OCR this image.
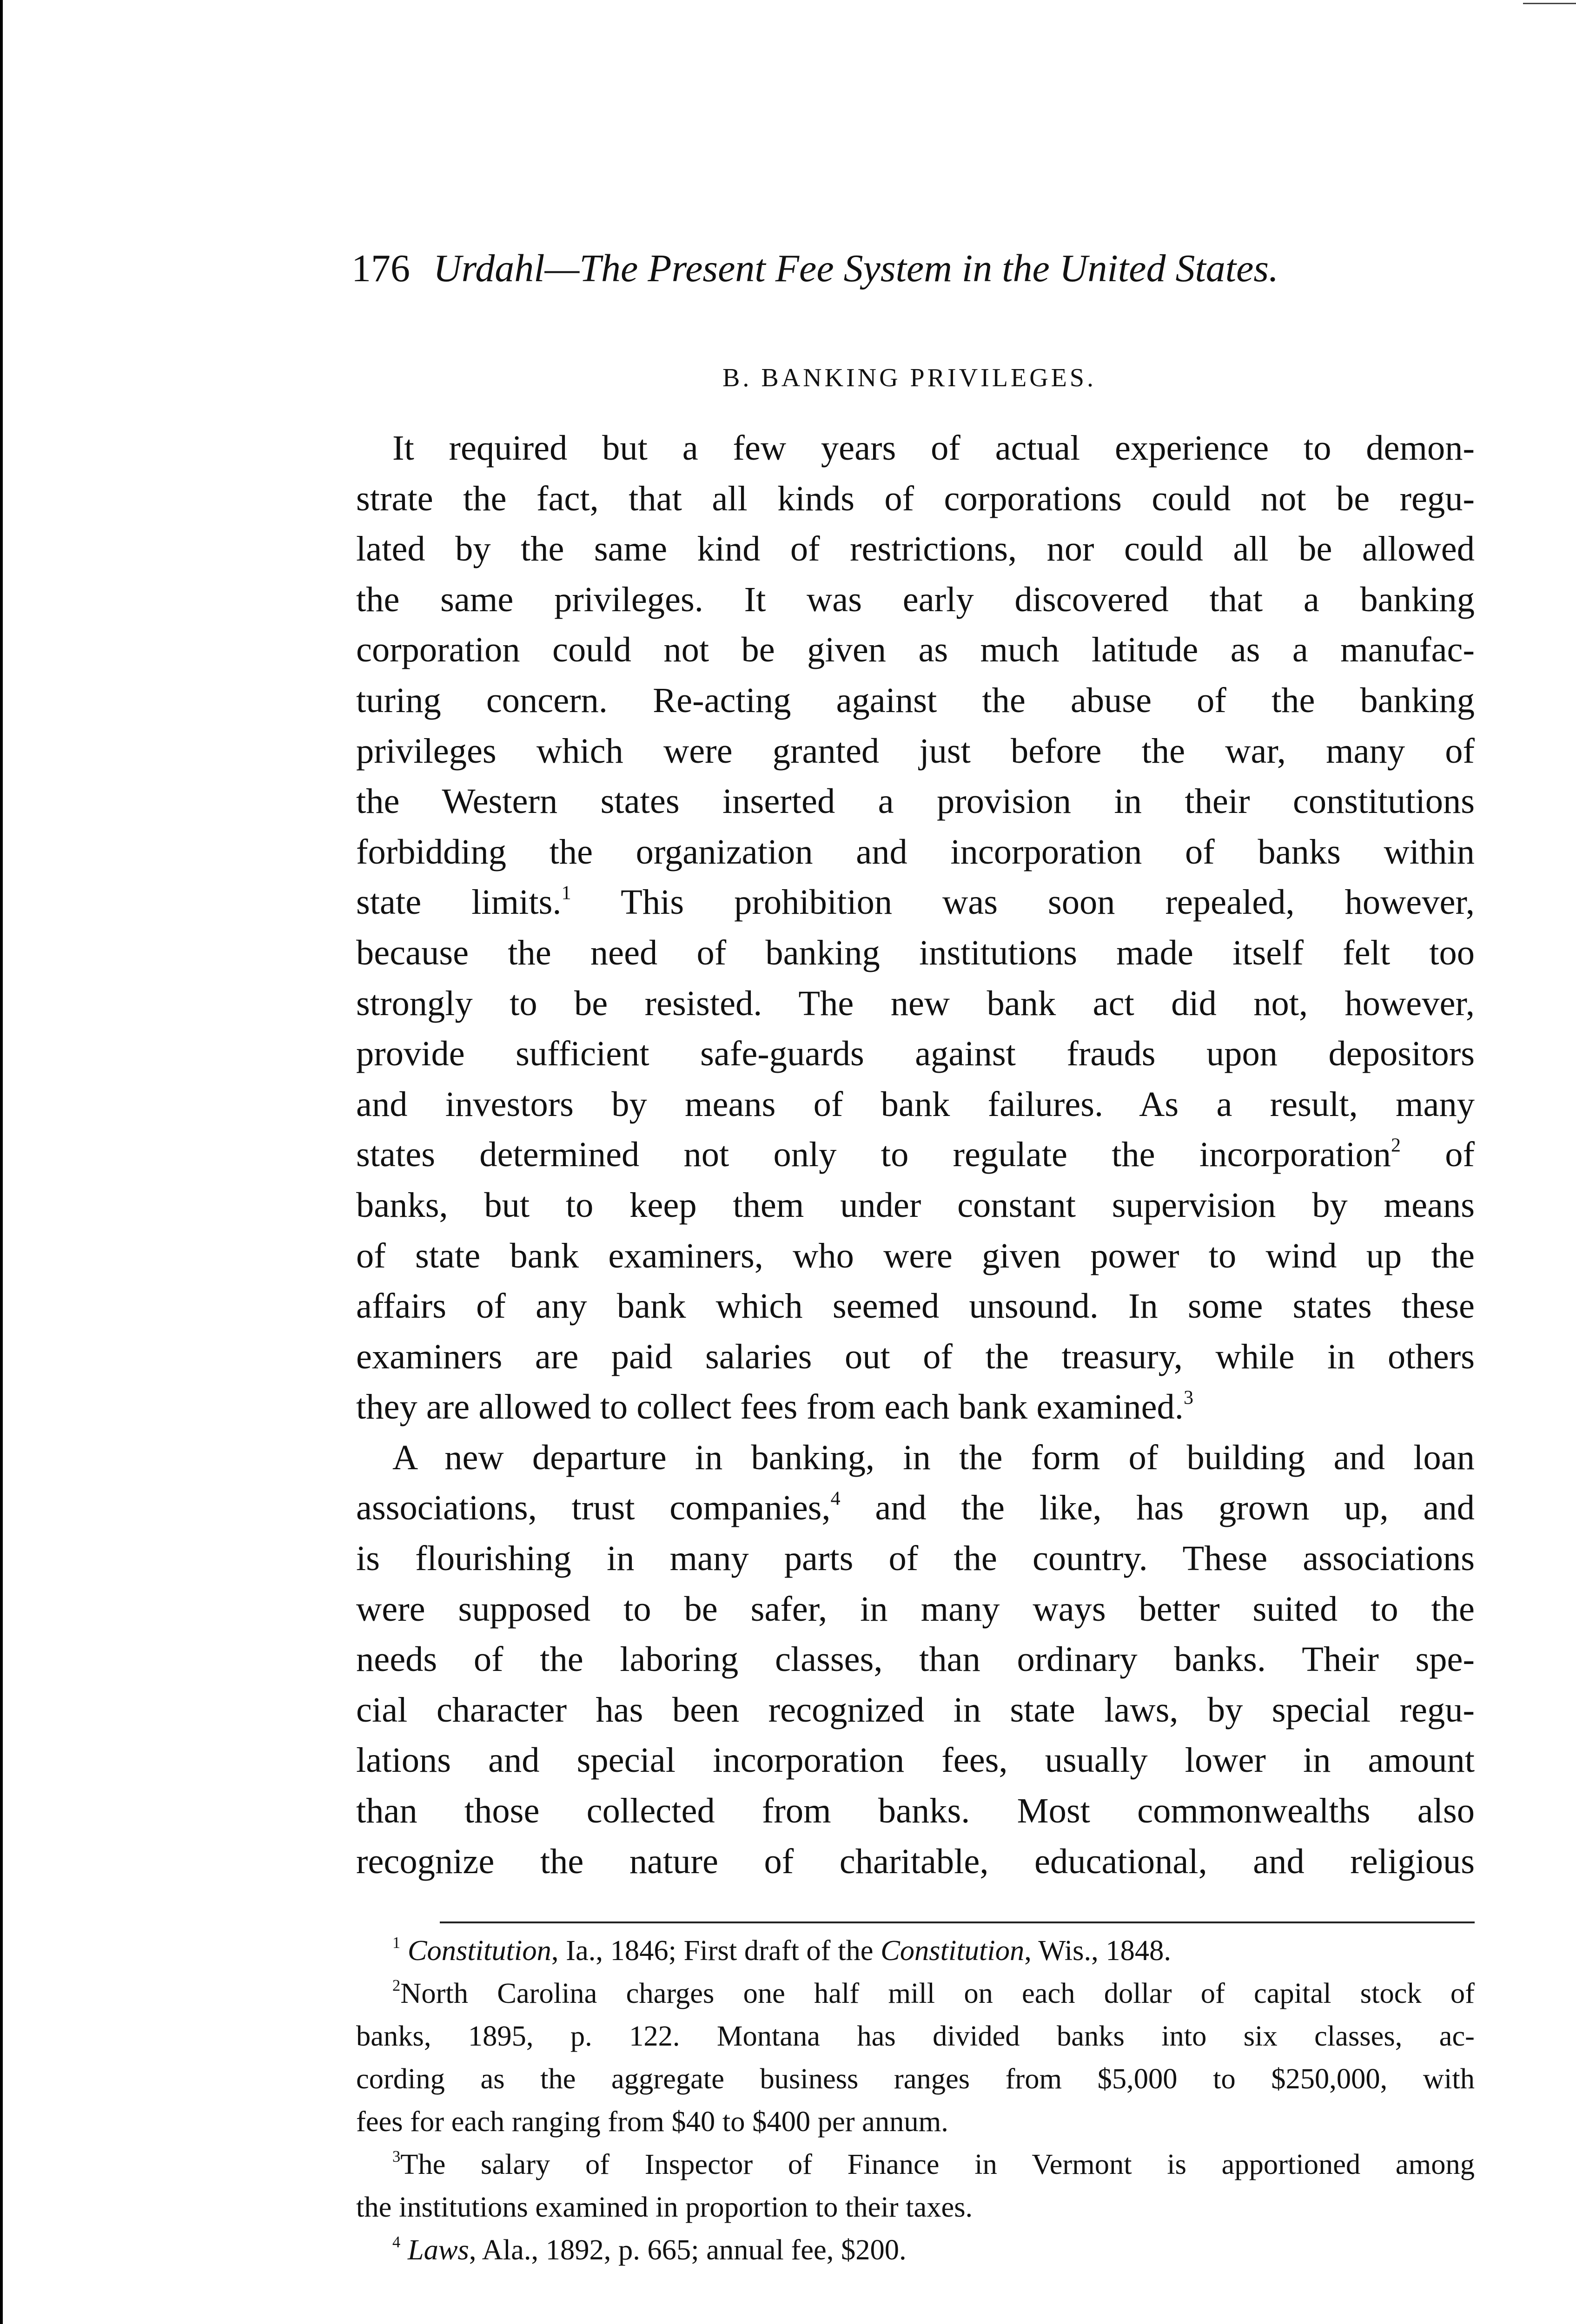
176 Urdahl—The Present Fee System in the United States.
B. BANKING PRIVILEGES.
It required but a few years of actual experience to demon-
strate the fact, that all kinds of corporations could not be regu-
lated by the same kind of restrictions, nor could all be allowed
the same privileges. It was early discovered that a banking
corporation could not be given as much latitude as a manufac-
turing concern. Re-acting against the abuse of the banking
privileges which were granted just before the war, many of
the Western states inserted a provision in their constitutions
forbidding the organization and incorporation of banks within
state limits.$^1$ This prohibition was soon repealed, however,
because the need of banking institutions made itself felt too
strongly to be resisted. The new bank act did not, however,
provide sufficient safe-guards against frauds upon depositors
and investors by means of bank failures. As a result, many
states determined not only to regulate the incorporation$^2$ of
banks, but to keep them under constant supervision by means
of state bank examiners, who were given power to wind up the
affairs of any bank which seemed unsound. In some states these
examiners are paid salaries out of the treasury, while in others
they are allowed to collect fees from each bank examined.$^3$
A new departure in banking, in the form of building and loan
associations, trust companies,$^4$ and the like, has grown up, and
is flourishing in many parts of the country. These associations
were supposed to be safer, in many ways better suited to the
needs of the laboring classes, than ordinary banks. Their spe-
cial character has been recognized in state laws, by special regu-
lations and special incorporation fees, usually lower in amount
than those collected from banks. Most commonwealths also
recognize the nature of charitable, educational, and religious
$^1$ Constitution, Ia., 1846; First draft of the Constitution, Wis., 1848.
$^2$North Carolina charges one half mill on each dollar of capital stock of
banks, 1895, p. 122. Montana has divided banks into six classes, ac-
cording as the aggregate business ranges from $5,000 to $250,000, with
fees for each ranging from $40 to $400 per annum.
$^3$The salary of Inspector of Finance in Vermont is apportioned among
the institutions examined in proportion to their taxes.
$^4$ Laws, Ala., 1892, p. 665; annual fee, $200.
